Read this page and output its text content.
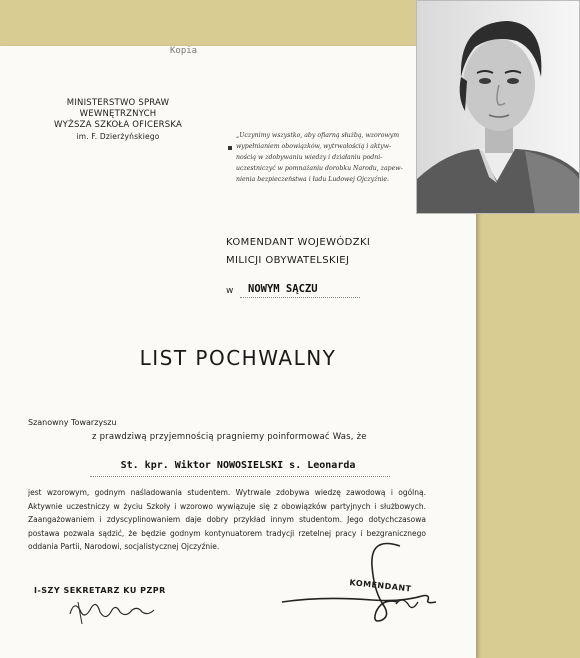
Kopia
MINISTERSTWO SPRAW WEWNĘTRZNYCH
WYŻSZA SZKOŁA OFICERSKA
im. F. Dzierżyńskiego	„Uczynimy wszystko, aby ofiarną służbą, wzorowym
wypełnianiem obowiązków, wytrwałością i aktyw-
nością w zdobywaniu wiedzy i działaniu podni-
uczestniczyć w pomnażaniu dorobku Narodu, zapew-
nienia bezpieczeństwa i ładu Ludowej Ojczyźnie.
KOMENDANT WOJEWÓDZKI
MILICJI OBYWATELSKIEJ
w NOWYM SĄCZU
LIST POCHWALNY
Szanowny Towarzyszu
z prawdziwą przyjemnością pragniemy poinformować Was, że
St. kpr. Wiktor NOWOSIELSKI s. Leonarda
jest wzorowym, godnym naśladowania studentem. Wytrwale zdobywa wiedzę zawodową i ogólną. Aktywnie uczestniczy w życiu Szkoły i wzorowo wywiązuje się z obowiązków partyjnych i służbowych. Zaangażowaniem i zdyscyplinowaniem daje dobry przykład innym studentom. Jego dotychczasowa postawa pozwala sądzić, że będzie godnym kontynuatorem tradycji rzetelnej pracy i bezgranicznego oddania Partii, Narodowi, socjalistycznej Ojczyźnie.
I-SZY SEKRETARZ KU PZPR	KOMENDANT
